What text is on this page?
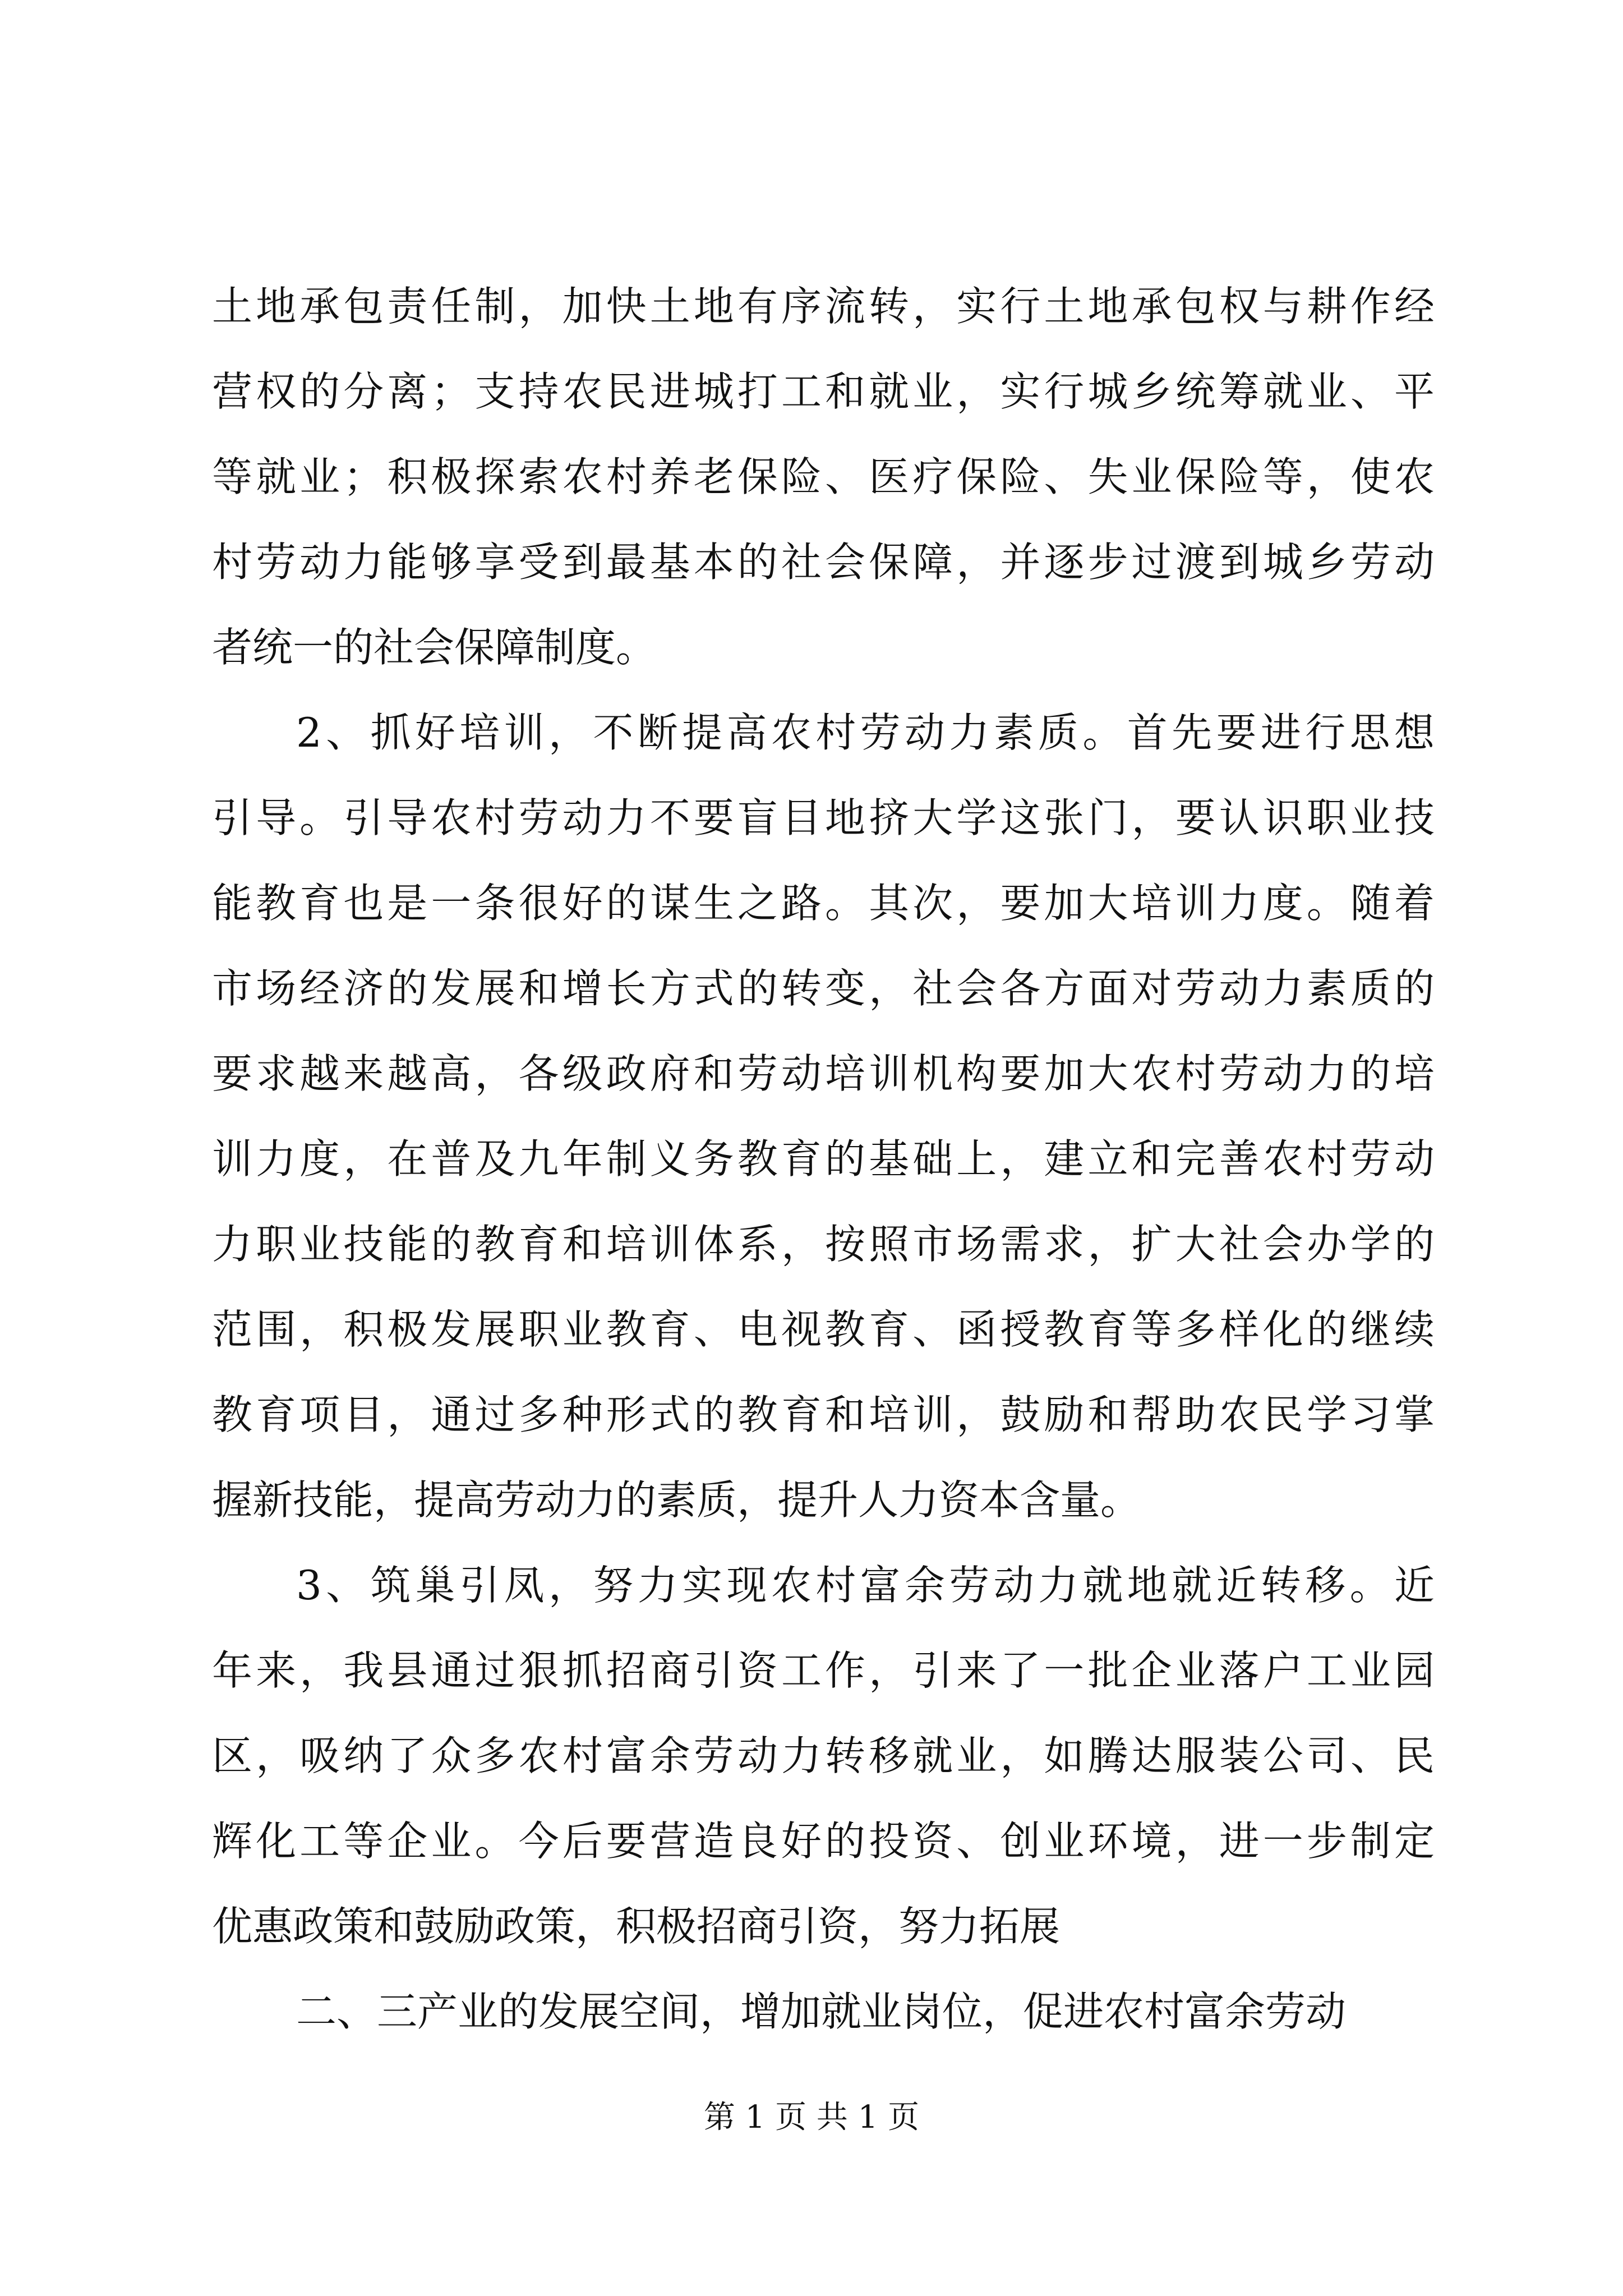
土地承包责任制，加快土地有序流转，实行土地承包权与耕作经
营权的分离；支持农民进城打工和就业，实行城乡统筹就业、平
等就业；积极探索农村养老保险、医疗保险、失业保险等，使农
村劳动力能够享受到最基本的社会保障，并逐步过渡到城乡劳动
者统一的社会保障制度。
2、抓好培训，不断提高农村劳动力素质。首先要进行思想
引导。引导农村劳动力不要盲目地挤大学这张门，要认识职业技
能教育也是一条很好的谋生之路。其次，要加大培训力度。随着
市场经济的发展和增长方式的转变，社会各方面对劳动力素质的
要求越来越高，各级政府和劳动培训机构要加大农村劳动力的培
训力度，在普及九年制义务教育的基础上，建立和完善农村劳动
力职业技能的教育和培训体系，按照市场需求，扩大社会办学的
范围，积极发展职业教育、电视教育、函授教育等多样化的继续
教育项目，通过多种形式的教育和培训，鼓励和帮助农民学习掌
握新技能，提高劳动力的素质，提升人力资本含量。
3、筑巢引凤，努力实现农村富余劳动力就地就近转移。近
年来，我县通过狠抓招商引资工作，引来了一批企业落户工业园
区，吸纳了众多农村富余劳动力转移就业，如腾达服装公司、民
辉化工等企业。今后要营造良好的投资、创业环境，进一步制定
优惠政策和鼓励政策，积极招商引资，努力拓展
二、三产业的发展空间，增加就业岗位，促进农村富余劳动
第 1 页 共 1 页
